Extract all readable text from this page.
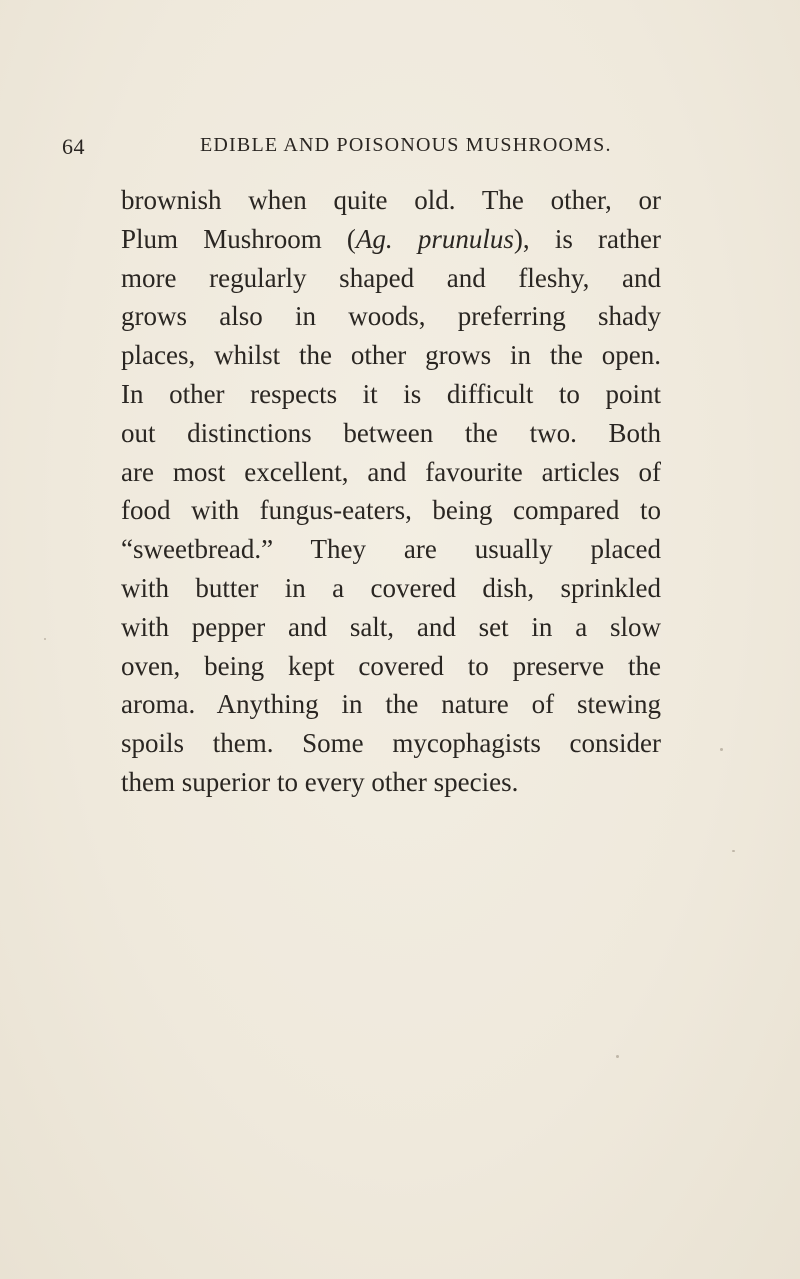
64	EDIBLE AND POISONOUS MUSHROOMS.
brownish when quite old. The other, or
Plum Mushroom (Ag. prunulus), is rather
more regularly shaped and fleshy, and
grows also in woods, preferring shady
places, whilst the other grows in the open.
In other respects it is difficult to point
out distinctions between the two. Both
are most excellent, and favourite articles of
food with fungus-eaters, being compared to
“sweetbread.” They are usually placed
with butter in a covered dish, sprinkled
with pepper and salt, and set in a slow
oven, being kept covered to preserve the
aroma. Anything in the nature of stewing
spoils them. Some mycophagists consider
them superior to every other species.
